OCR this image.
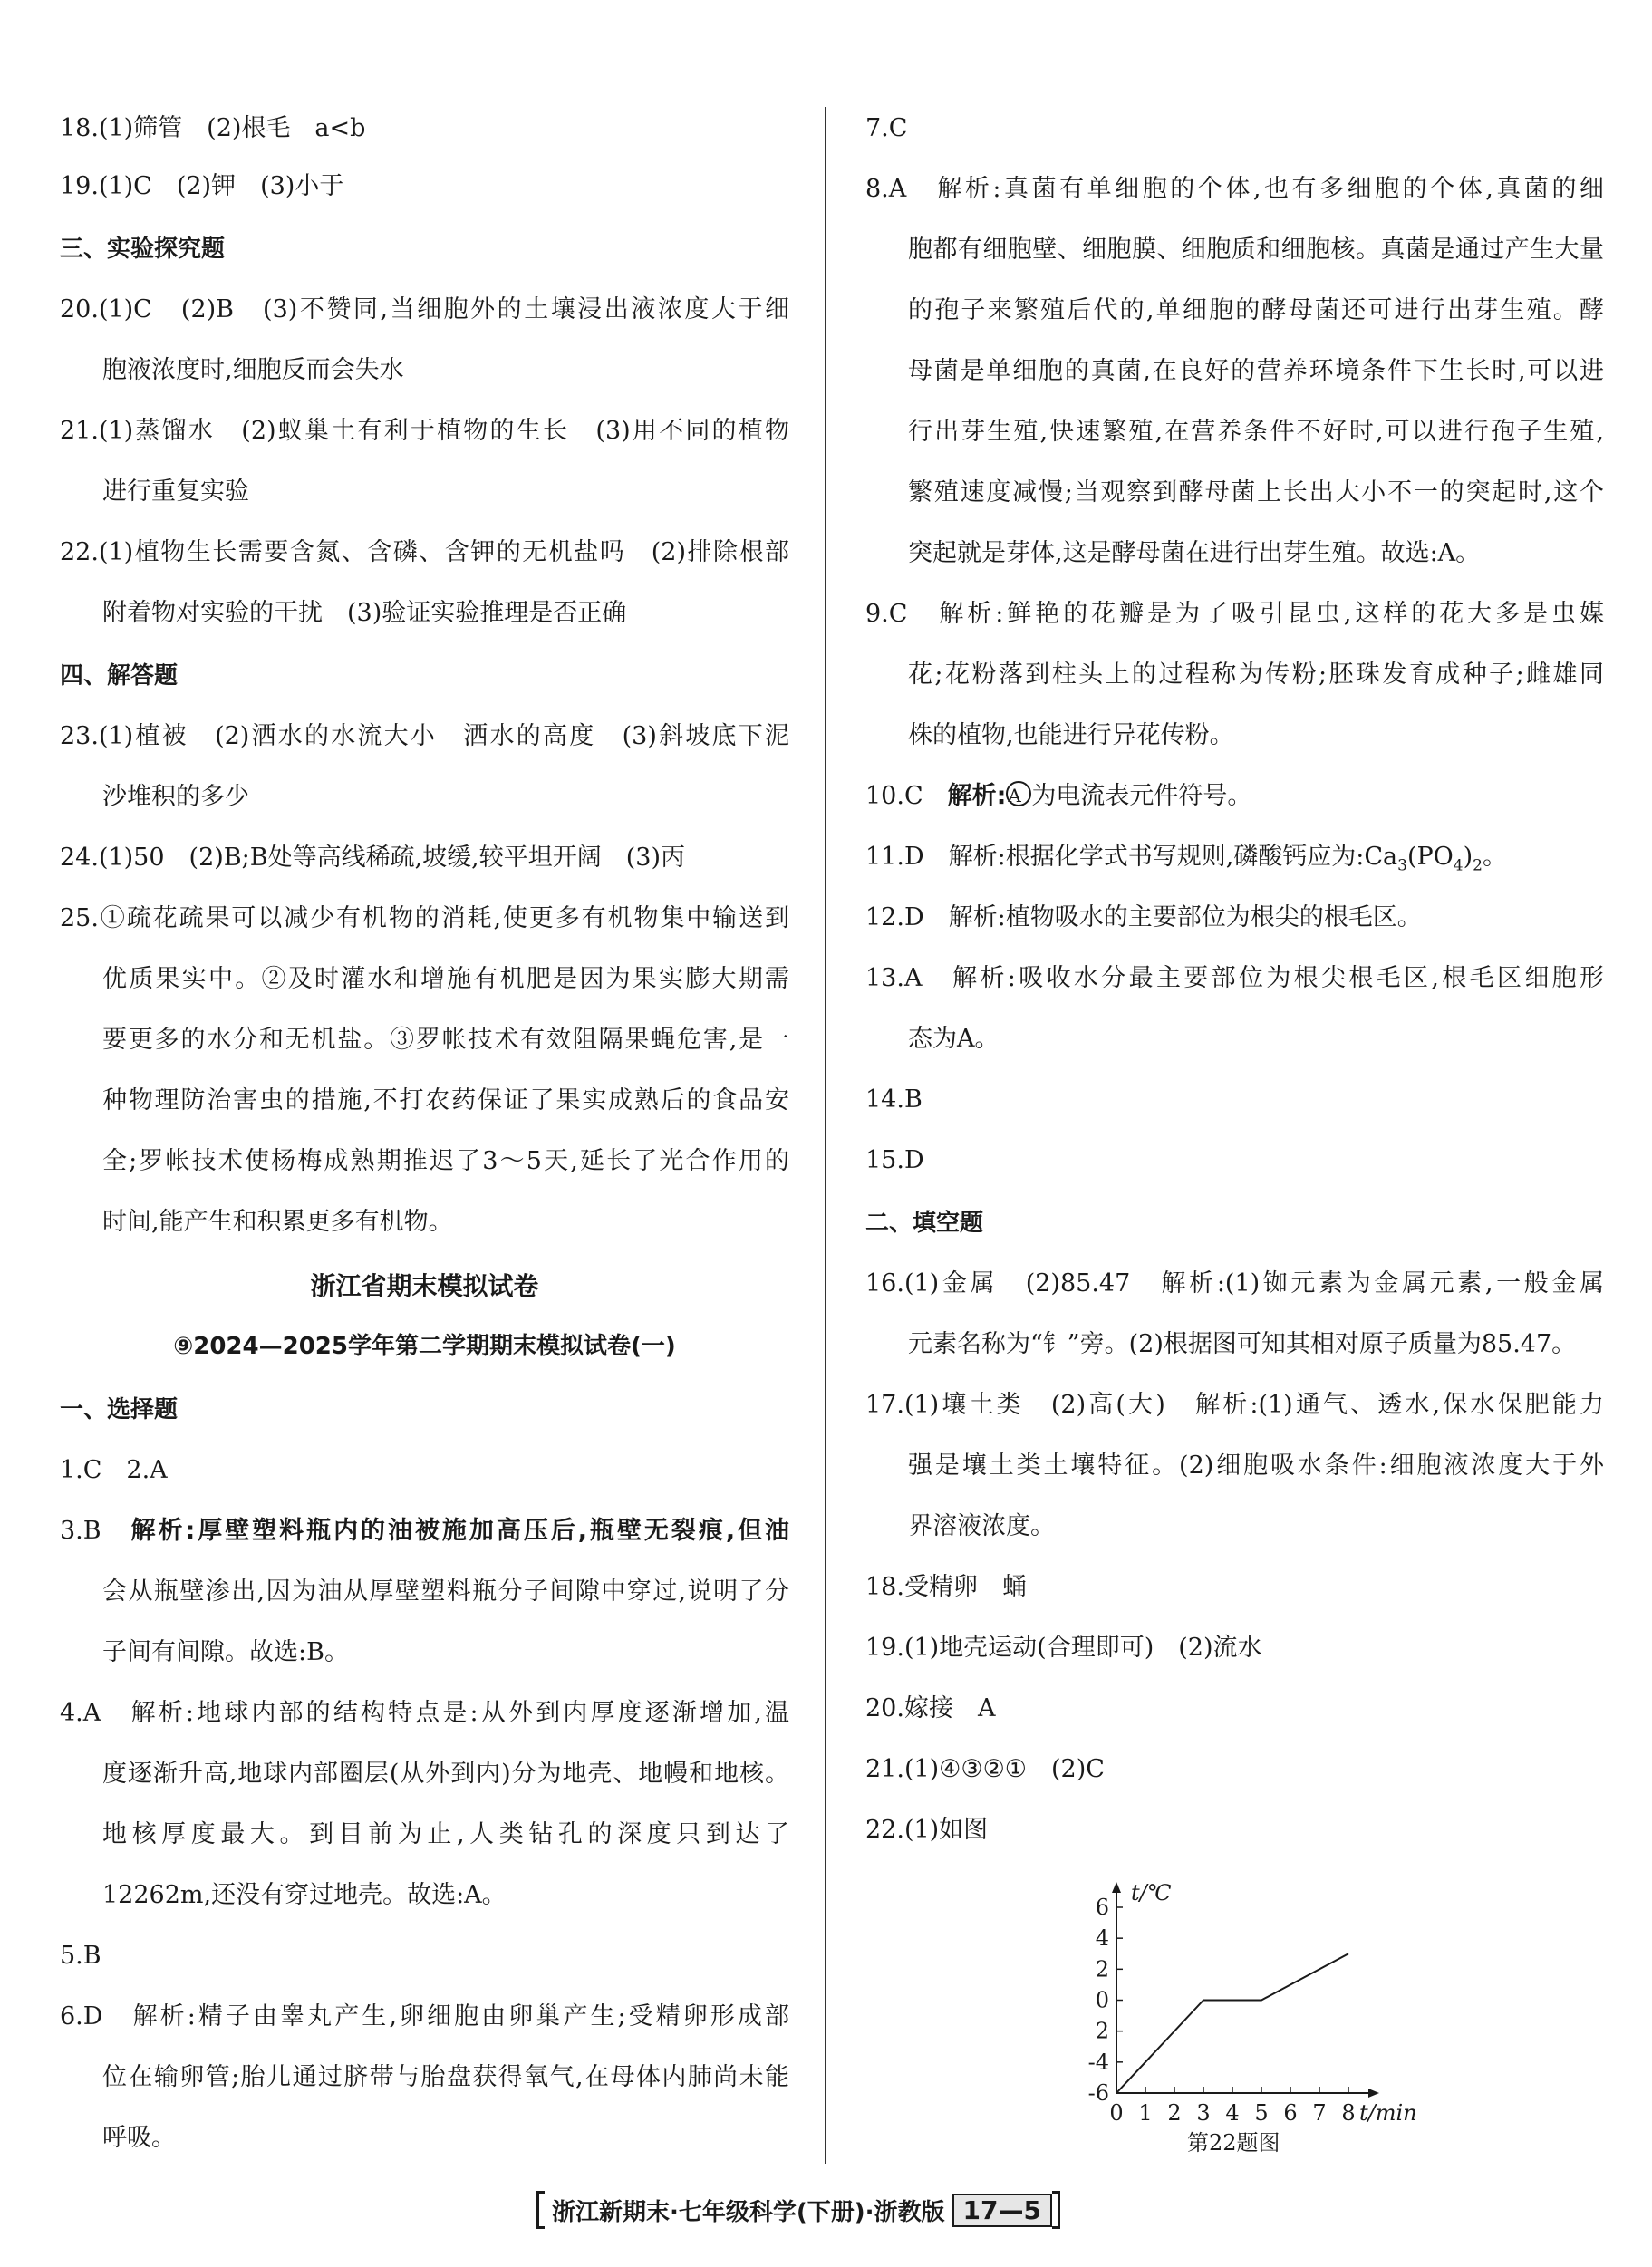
18.(1)筛管　(2)根毛　a<b
19.(1)C　(2)钾　(3)小于
三、实验探究题
20.(1)C　(2)B　(3)不赞同,当细胞外的土壤浸出液浓度大于细
胞液浓度时,细胞反而会失水
21.(1)蒸馏水　(2)蚁巢土有利于植物的生长　(3)用不同的植物
进行重复实验
22.(1)植物生长需要含氮、含磷、含钾的无机盐吗　(2)排除根部
附着物对实验的干扰　(3)验证实验推理是否正确
四、解答题
23.(1)植被　(2)洒水的水流大小　洒水的高度　(3)斜坡底下泥
沙堆积的多少
24.(1)50　(2)B;B处等高线稀疏,坡缓,较平坦开阔　(3)丙
25.①疏花疏果可以减少有机物的消耗,使更多有机物集中输送到
优质果实中。②及时灌水和增施有机肥是因为果实膨大期需
要更多的水分和无机盐。③罗帐技术有效阻隔果蝇危害,是一
种物理防治害虫的措施,不打农药保证了果实成熟后的食品安
全;罗帐技术使杨梅成熟期推迟了3～5天,延长了光合作用的
时间,能产生和积累更多有机物。
浙江省期末模拟试卷
⑨2024—2025学年第二学期期末模拟试卷(一)
一、选择题
1.C　2.A
3.B　 解析:厚壁塑料瓶内的油被施加高压后,瓶壁无裂痕,但油
会从瓶壁渗出,因为油从厚壁塑料瓶分子间隙中穿过,说明了分
子间有间隙。故选:B。
4.A　 解析:地球内部的结构特点是:从外到内厚度逐渐增加,温
度逐渐升高,地球内部圈层(从外到内)分为地壳、地幔和地核。
地核厚度最大。到目前为止,人类钻孔的深度只到达了
12262m,还没有穿过地壳。故选:A。
5.B
6.D　 解析:精子由睾丸产生,卵细胞由卵巢产生;受精卵形成部
位在输卵管;胎儿通过脐带与胎盘获得氧气,在母体内肺尚未能
呼吸。
7.C
8.A　 解析:真菌有单细胞的个体,也有多细胞的个体,真菌的细
胞都有细胞壁、细胞膜、细胞质和细胞核。真菌是通过产生大量
的孢子来繁殖后代的,单细胞的酵母菌还可进行出芽生殖。酵
母菌是单细胞的真菌,在良好的营养环境条件下生长时,可以进
行出芽生殖,快速繁殖,在营养条件不好时,可以进行孢子生殖,
繁殖速度减慢;当观察到酵母菌上长出大小不一的突起时,这个
突起就是芽体,这是酵母菌在进行出芽生殖。故选:A。
9.C　 解析:鲜艳的花瓣是为了吸引昆虫,这样的花大多是虫媒
花;花粉落到柱头上的过程称为传粉;胚珠发育成种子;雌雄同
株的植物,也能进行异花传粉。
10.C　 解析: A 为电流表元件符号。
11.D　 解析:根据化学式书写规则,磷酸钙应为$:Ca_3(PO_4)_2$。
12.D　 解析:植物吸水的主要部位为根尖的根毛区。
13.A　 解析:吸收水分最主要部位为根尖根毛区,根毛区细胞形
态为A。
14.B
15.D
二、填空题
16.(1)金属　(2)85.47　 解析:(1)铷元素为金属元素,一般金属
元素名称为“钅”旁。(2)根据图可知其相对原子质量为85.47。
17.(1)壤土类　(2)高(大)　 解析:(1)通气、透水,保水保肥能力
强是壤土类土壤特征。(2)细胞吸水条件:细胞液浓度大于外
界溶液浓度。
18.受精卵　蛹
19.(1)地壳运动(合理即可)　(2)流水
20.嫁接　A
21.(1)④③②①　(2)C
22.(1)如图
6
4
2
0
2
-4
-6
0 1 2 3 4 5 6 7 8
t/℃
t/min
第22题图
浙江新期末·七年级科学(下册)·浙教版 17—5
